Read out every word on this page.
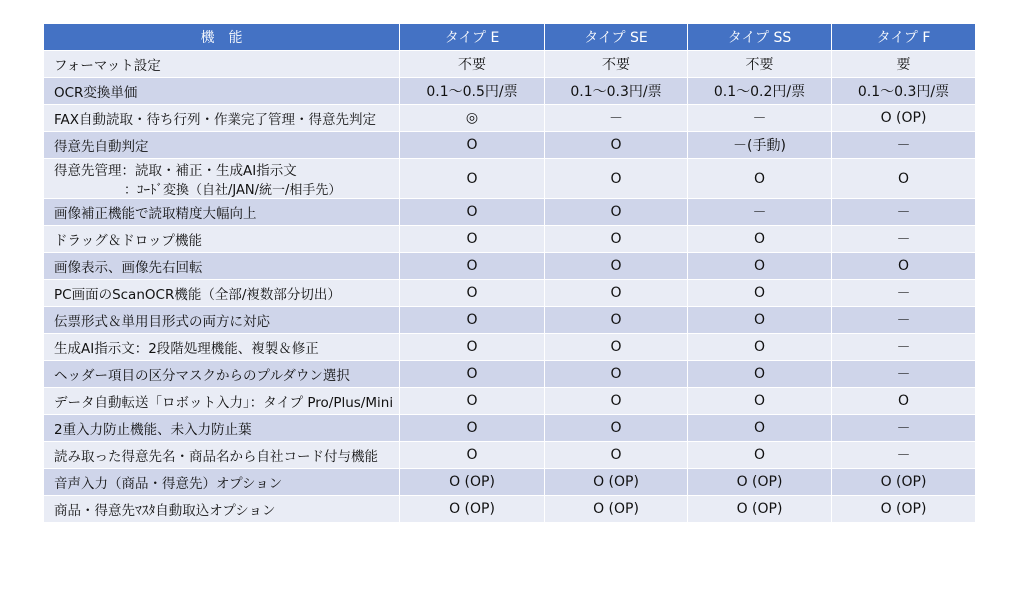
機　能	タイプ E	タイプ SE	タイプ SS	タイプ F
フォーマット設定	不要	不要	不要	要
OCR変換単価	0.1～0.5円/票	0.1～0.3円/票	0.1～0.2円/票	0.1～0.3円/票
FAX自動読取・待ち行列・作業完了管理・得意先判定	◎	－	－	O (OP)
得意先自動判定	O	O	－(手動)	－

得意先管理：読取・補正・生成AI指示文
：ｺｰﾄﾞ変換（自社/JAN/統一/相手先）	O	O	O	O
画像補正機能で読取精度大幅向上	O	O	－	－
ドラッグ＆ドロップ機能	O	O	O	－
画像表示、画像先右回転	O	O	O	O
PC画面のScanOCR機能（全部/複数部分切出）	O	O	O	－
伝票形式＆単用目形式の両方に対応	O	O	O	－
生成AI指示文：2段階処理機能、複製＆修正	O	O	O	－
ヘッダー項目の区分マスクからのプルダウン選択	O	O	O	－
データ自動転送「ロボット入力」：タイプ Pro/Plus/Mini	O	O	O	O
2重入力防止機能、未入力防止葉	O	O	O	－
読み取った得意先名・商品名から自社コード付与機能	O	O	O	－
音声入力（商品・得意先）オプション	O (OP)	O (OP)	O (OP)	O (OP)
商品・得意先ﾏｽﾀ自動取込オプション	O (OP)	O (OP)	O (OP)	O (OP)
